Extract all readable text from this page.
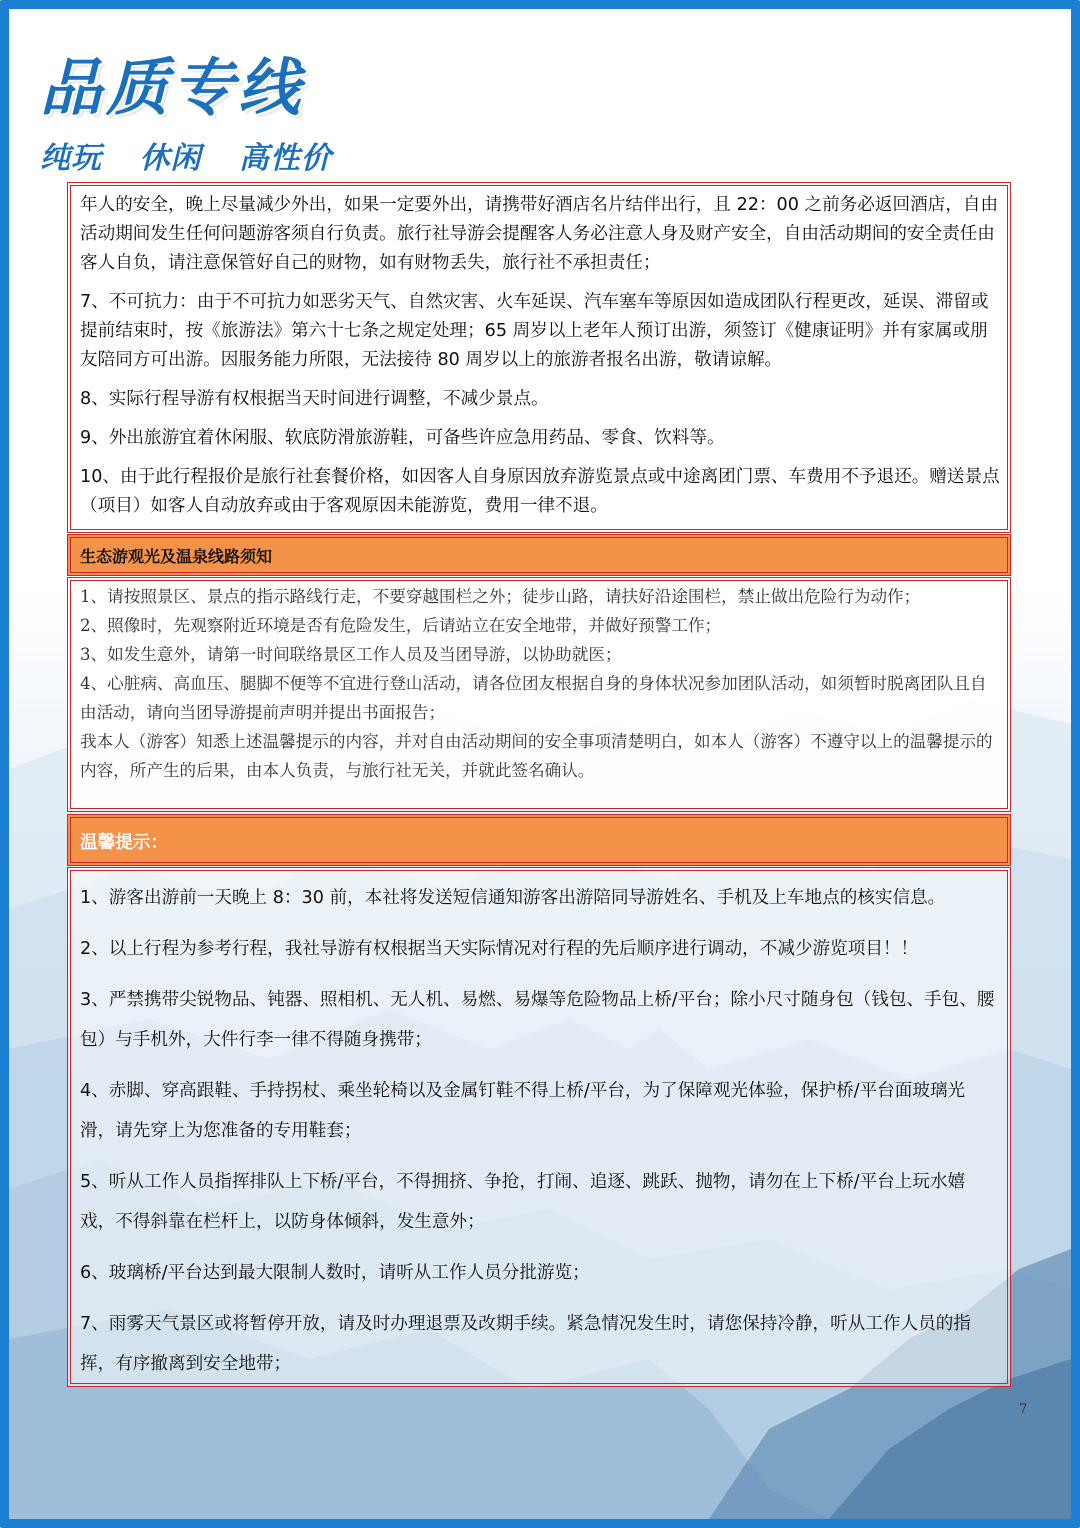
品质专线
纯玩 休闲 高性价

年人的安全，晚上尽量减少外出，如果一定要外出，请携带好酒店名片结伴出行，且 22：00 之前务必返回酒店，自由活动期间发生任何问题游客须自行负责。旅行社导游会提醒客人务必注意人身及财产安全，自由活动期间的安全责任由客人自负，请注意保管好自己的财物，如有财物丢失，旅行社不承担责任；

7、不可抗力：由于不可抗力如恶劣天气、自然灾害、火车延误、汽车塞车等原因如造成团队行程更改，延误、滞留或提前结束时，按《旅游法》第六十七条之规定处理；65 周岁以上老年人预订出游，须签订《健康证明》并有家属或朋友陪同方可出游。因服务能力所限，无法接待 80 周岁以上的旅游者报名出游，敬请谅解。

8、实际行程导游有权根据当天时间进行调整，不减少景点。

9、外出旅游宜着休闲服、软底防滑旅游鞋，可备些许应急用药品、零食、饮料等。

10、由于此行程报价是旅行社套餐价格，如因客人自身原因放弃游览景点或中途离团门票、车费用不予退还。赠送景点（项目）如客人自动放弃或由于客观原因未能游览，费用一律不退。

生态游观光及温泉线路须知

1、请按照景区、景点的指示路线行走，不要穿越围栏之外；徒步山路，请扶好沿途围栏，禁止做出危险行为动作；

2、照像时，先观察附近环境是否有危险发生，后请站立在安全地带，并做好预警工作；

3、如发生意外，请第一时间联络景区工作人员及当团导游，以协助就医；

4、心脏病、高血压、腿脚不便等不宜进行登山活动，请各位团友根据自身的身体状况参加团队活动，如须暂时脱离团队且自由活动，请向当团导游提前声明并提出书面报告；

我本人（游客）知悉上述温馨提示的内容，并对自由活动期间的安全事项清楚明白，如本人（游客）不遵守以上的温馨提示的内容，所产生的后果，由本人负责，与旅行社无关，并就此签名确认。

温馨提示：

1、游客出游前一天晚上 8：30 前，本社将发送短信通知游客出游陪同导游姓名、手机及上车地点的核实信息。

2、以上行程为参考行程，我社导游有权根据当天实际情况对行程的先后顺序进行调动，不减少游览项目！！

3、严禁携带尖锐物品、钝器、照相机、无人机、易燃、易爆等危险物品上桥/平台；除小尺寸随身包（钱包、手包、腰包）与手机外，大件行李一律不得随身携带；

4、赤脚、穿高跟鞋、手持拐杖、乘坐轮椅以及金属钉鞋不得上桥/平台，为了保障观光体验，保护桥/平台面玻璃光滑，请先穿上为您准备的专用鞋套；

5、听从工作人员指挥排队上下桥/平台，不得拥挤、争抢，打闹、追逐、跳跃、抛物，请勿在上下桥/平台上玩水嬉戏，不得斜靠在栏杆上，以防身体倾斜，发生意外；

6、玻璃桥/平台达到最大限制人数时，请听从工作人员分批游览；

7、雨雾天气景区或将暂停开放，请及时办理退票及改期手续。紧急情况发生时，请您保持冷静，听从工作人员的指挥，有序撤离到安全地带；

7
